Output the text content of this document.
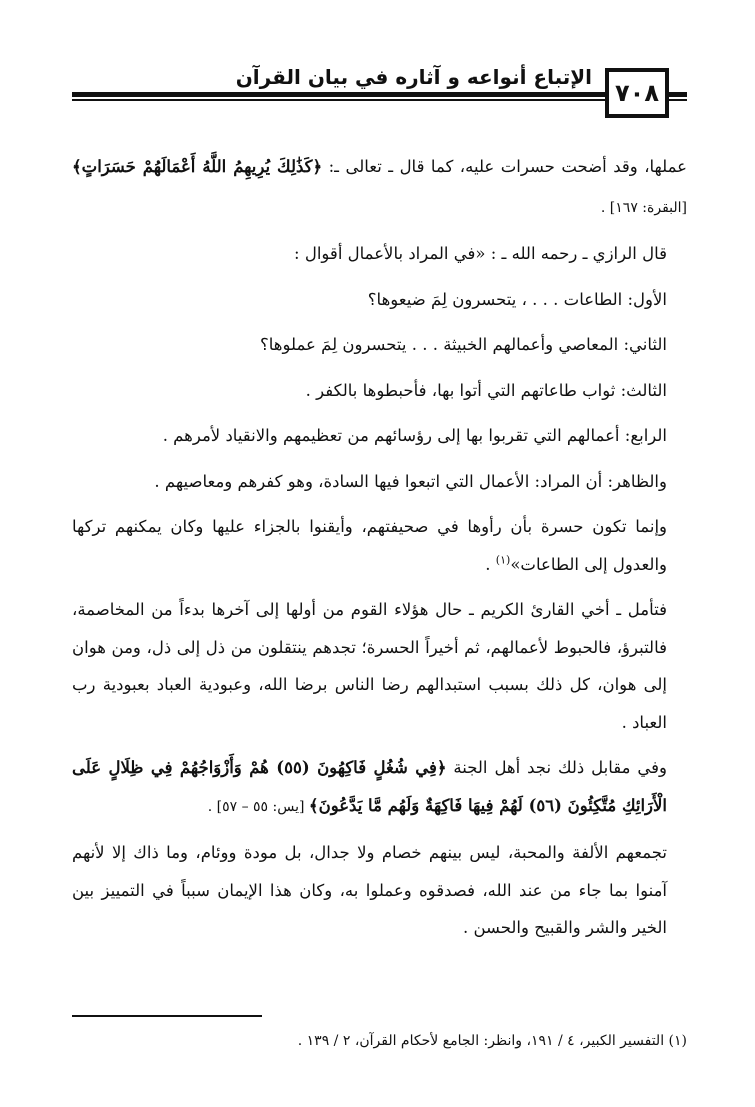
الإتباع أنواعه و آثاره في بيان القرآن
٧٠٨

عملها، وقد أضحت حسرات عليه، كما قال ـ تعالى ـ: ﴿كَذَٰلِكَ يُرِيهِمُ اللَّهُ أَعْمَالَهُمْ حَسَرَاتٍ﴾ [البقرة: ١٦٧] .

قال الرازي ـ رحمه الله ـ : «في المراد بالأعمال أقوال :

الأول: الطاعات . . . ، يتحسرون لِمَ ضيعوها؟

الثاني: المعاصي وأعمالهم الخبيثة . . . يتحسرون لِمَ عملوها؟

الثالث: ثواب طاعاتهم التي أتوا بها، فأحبطوها بالكفر .

الرابع: أعمالهم التي تقربوا بها إلى رؤسائهم من تعظيمهم والانقياد لأمرهم .

والظاهر: أن المراد: الأعمال التي اتبعوا فيها السادة، وهو كفرهم ومعاصيهم .

وإنما تكون حسرة بأن رأوها في صحيفتهم، وأيقنوا بالجزاء عليها وكان يمكنهم تركها والعدول إلى الطاعات»$^{(١)}$ .

فتأمل ـ أخي القارئ الكريم ـ حال هؤلاء القوم من أولها إلى آخرها بدءاً من المخاصمة، فالتبرؤ، فالحبوط لأعمالهم، ثم أخيراً الحسرة؛ تجدهم ينتقلون من ذل إلى ذل، ومن هوان إلى هوان، كل ذلك بسبب استبدالهم رضا الناس برضا الله، وعبودية العباد بعبودية رب العباد .

وفي مقابل ذلك نجد أهل الجنة ﴿فِي شُغُلٍ فَاكِهُونَ (٥٥) هُمْ وَأَزْوَاجُهُمْ فِي ظِلَالٍ عَلَى الْأَرَائِكِ مُتَّكِئُونَ (٥٦) لَهُمْ فِيهَا فَاكِهَةٌ وَلَهُم مَّا يَدَّعُونَ﴾ [يس: ٥٥ – ٥٧] .

تجمعهم الألفة والمحبة، ليس بينهم خصام ولا جدال، بل مودة ووئام، وما ذاك إلا لأنهم آمنوا بما جاء من عند الله، فصدقوه وعملوا به، وكان هذا الإيمان سبباً في التمييز بين الخير والشر والقبيح والحسن .

(١) التفسير الكبير، ٤ / ١٩١، وانظر: الجامع لأحكام القرآن، ٢ / ١٣٩ .
